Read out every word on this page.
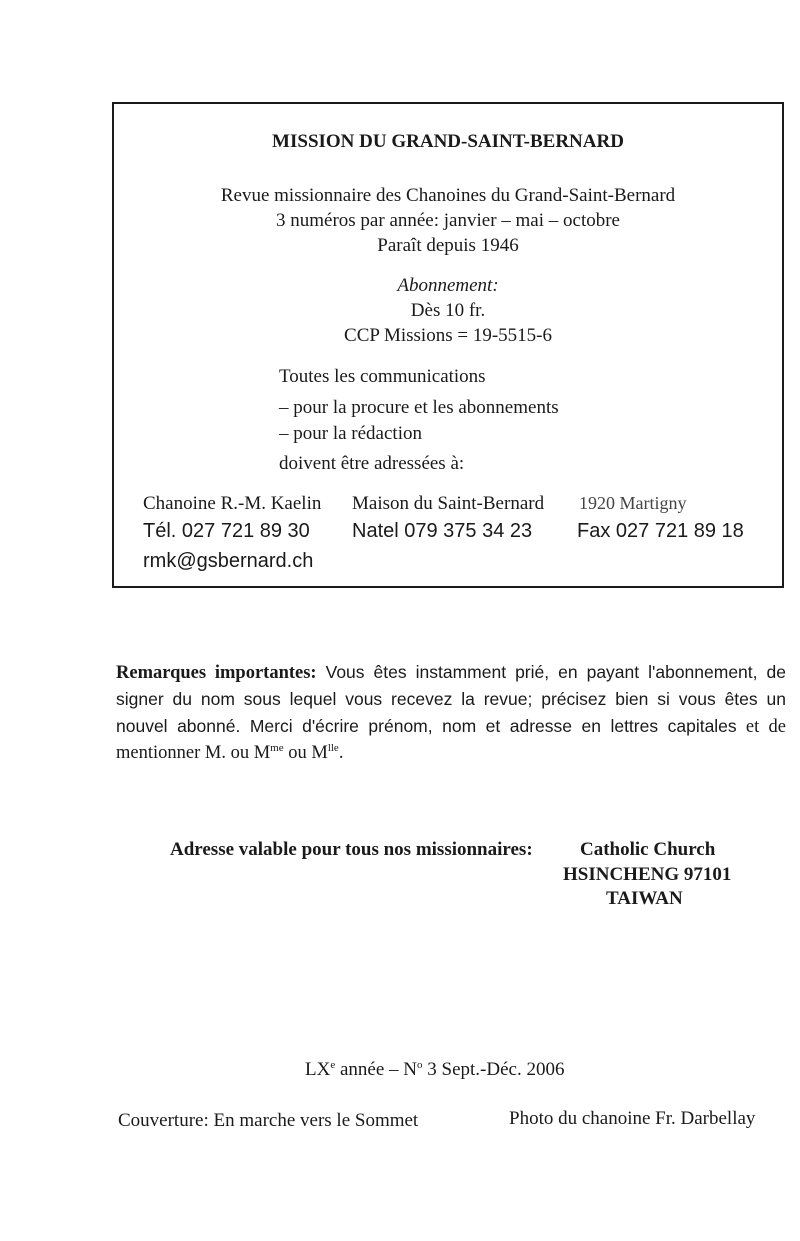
MISSION DU GRAND-SAINT-BERNARD
Revue missionnaire des Chanoines du Grand-Saint-Bernard
3 numéros par année: janvier – mai – octobre
Paraît depuis 1946
Abonnement:
Dès 10 fr.
CCP Missions = 19-5515-6
Toutes les communications
– pour la procure et les abonnements
– pour la rédaction
doivent être adressées à:
Chanoine R.-M. Kaelin Maison du Saint-Bernard 1920 Martigny
Tél. 027 721 89 30 Natel 079 375 34 23 Fax 027 721 89 18
rmk@gsbernard.ch
Remarques importantes: Vous êtes instamment prié, en payant l'abonnement, de signer du nom sous lequel vous recevez la revue; précisez bien si vous êtes un nouvel abonné. Merci d'écrire prénom, nom et adresse en lettres capitales et de mentionner M. ou $M^{me}$ ou $M^{lle}$.
Adresse valable pour tous nos missionnaires: Catholic Church
HSINCHENG 97101
TAIWAN
LXe année – $N^o$ 3 Sept.-Déc. 2006
Couverture: En marche vers le Sommet	Photo du chanoine Fr. Darbellay
